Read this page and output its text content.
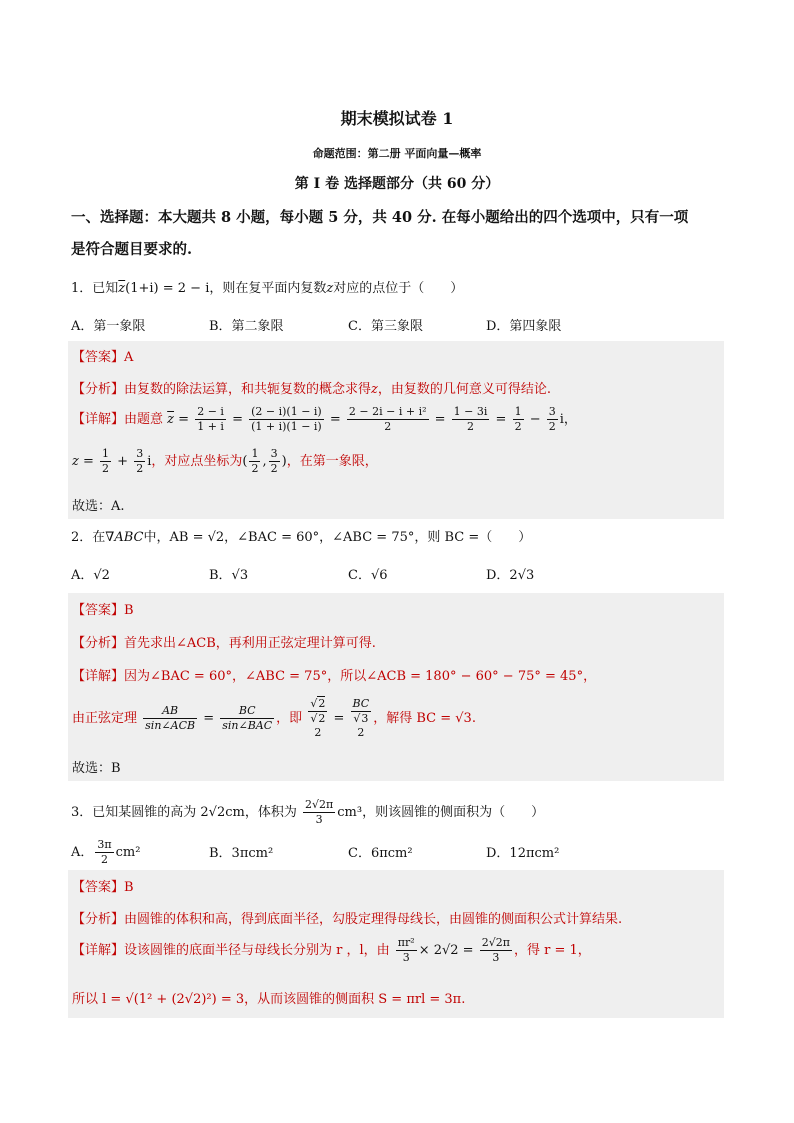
期末模拟试卷 1
命题范围：第二册 平面向量—概率
第 I 卷 选择题部分（共 60 分）
一、选择题：本大题共 8 小题，每小题 5 分，共 40 分. 在每小题给出的四个选项中，只有一项
是符合题目要求的.
1．已知$\overline{z}(1+i) = 2 - i$，则在复平面内复数z对应的点位于（　　）
A．第一象限	B．第二象限	C．第三象限	D．第四象限
【答案】A
【分析】由复数的除法运算，和共轭复数的概念求得z，由复数的几何意义可得结论.
【详解】由题意 $\overline{z} = \frac{2 - i}{1 + i} = \frac{(2 - i)(1 - i)}{(1 + i)(1 - i)} = \frac{\text{2 − 2i − i + i²}}{2} = \frac{1 - 3i}{2} = \frac{1}{2} - \frac{3}{2}$ i，
$z = \frac{1}{2} + \frac{3}{2}$ i，对应点坐标为( $\frac{1}{2}$ , $\frac{3}{2}$ )，在第一象限，
故选：A.
2．在∇ABC中，AB = √2，∠BAC = 60°，∠ABC = 75°，则 BC =（　　）
A．√2	B．√3	C．√6	D．2√3
【答案】B
【分析】首先求出∠ACB，再利用正弦定理计算可得.
【详解】因为∠BAC = 60°，∠ABC = 75°，所以∠ACB = 180° − 60° − 75° = 45°，
由正弦定理 $\frac{AB}{\text{sin∠ACB}} = \frac{BC}{\text{sin∠BAC}}$ ，即
√2
√2
2
=
BC
√3
2
，解得 BC = √3.
故选：B
3．已知某圆锥的高为 2√2cm，体积为 $\frac{2√2\pi}{3} cm^3$，则该圆锥的侧面积为（　　）
A． $\frac{3\pi}{2} cm^2$	B．3πcm²	C．6πcm²	D．12πcm²
【答案】B
【分析】由圆锥的体积和高，得到底面半径，勾股定理得母线长，由圆锥的侧面积公式计算结果.
【详解】设该圆锥的底面半径与母线长分别为 r ，l，由 $\frac{\text{πr²}}{3} \times 2√2 = \frac{2√2\pi}{3}$ ，得 r = 1，
所以 l = √(1² + (2√2)²) = 3，从而该圆锥的侧面积 S = πrl = 3π.
